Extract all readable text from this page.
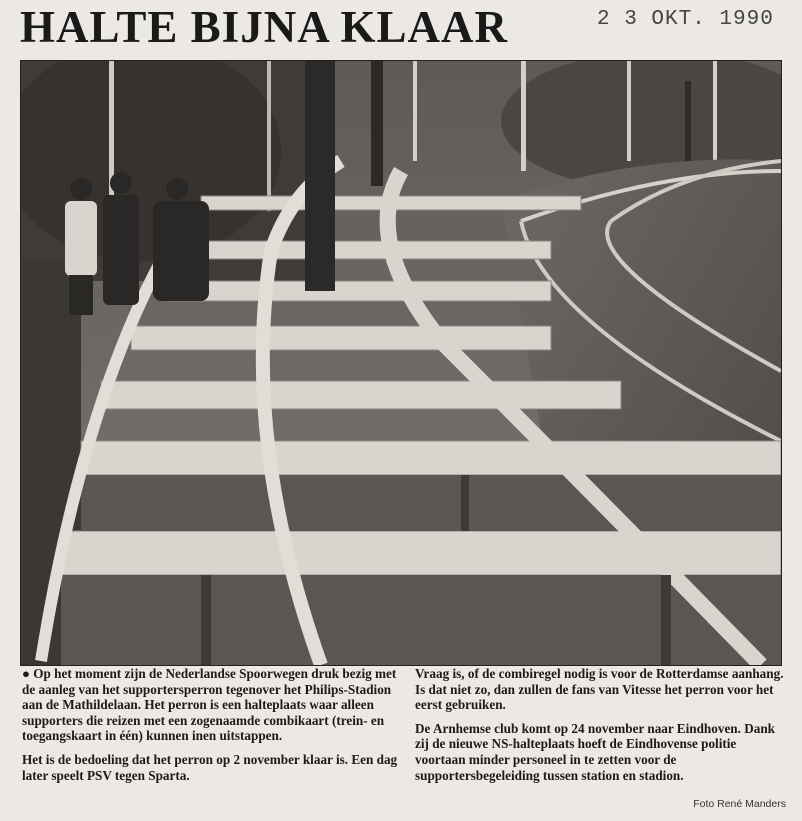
HALTE BIJNA KLAAR	2 3 OKT. 1990

● Op het moment zijn de Nederlandse Spoorwegen druk bezig met de aanleg van het supportersperron tegenover het Philips-Stadion aan de Mathildelaan. Het perron is een halteplaats waar alleen supporters die reizen met een zogenaamde combikaart (trein- en toegangskaart in één) kunnen inen uitstappen.

Het is de bedoeling dat het perron op 2 november klaar is. Een dag later speelt PSV tegen Sparta.

Vraag is, of de combiregel nodig is voor de Rotterdamse aanhang. Is dat niet zo, dan zullen de fans van Vitesse het perron voor het eerst gebruiken.

De Arnhemse club komt op 24 november naar Eindhoven. Dank zij de nieuwe NS-halteplaats hoeft de Eindhovense politie voortaan minder personeel in te zetten voor de supportersbegeleiding tussen station en stadion.

Foto René Manders
